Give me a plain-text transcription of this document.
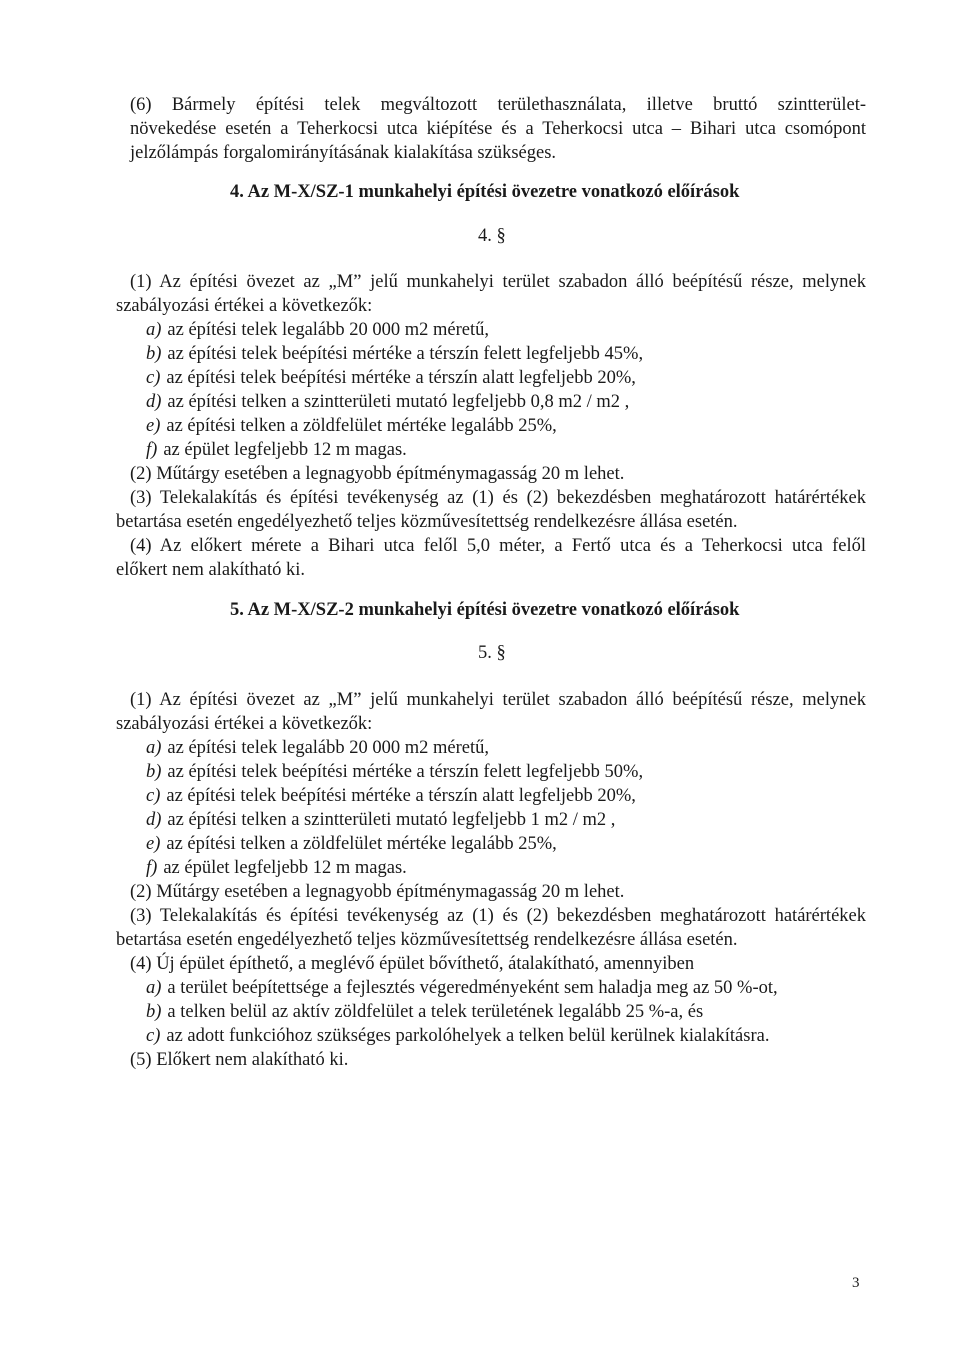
(6) Bármely építési telek megváltozott területhasználata, illetve bruttó szintterület-
növekedése esetén a Teherkocsi utca kiépítése és a Teherkocsi utca – Bihari utca csomópont
jelzőlámpás forgalomirányításának kialakítása szükséges.
4. Az M-X/SZ-1 munkahelyi építési övezetre vonatkozó előírások
4. §
(1) Az építési övezet az „M” jelű munkahelyi terület szabadon álló beépítésű része, melynek
szabályozási értékei a következők:
a) az építési telek legalább 20 000 m2 méretű,
b) az építési telek beépítési mértéke a térszín felett legfeljebb 45%,
c) az építési telek beépítési mértéke a térszín alatt legfeljebb 20%,
d) az építési telken a szintterületi mutató legfeljebb 0,8 m2 / m2 ,
e) az építési telken a zöldfelület mértéke legalább 25%,
f) az épület legfeljebb 12 m magas.
(2) Műtárgy esetében a legnagyobb építménymagasság 20 m lehet.
(3) Telekalakítás és építési tevékenység az (1) és (2) bekezdésben meghatározott határértékek
betartása esetén engedélyezhető teljes közművesítettség rendelkezésre állása esetén.
(4) Az előkert mérete a Bihari utca felől 5,0 méter, a Fertő utca és a Teherkocsi utca felől
előkert nem alakítható ki.
5. Az M-X/SZ-2 munkahelyi építési övezetre vonatkozó előírások
5. §
(1) Az építési övezet az „M” jelű munkahelyi terület szabadon álló beépítésű része, melynek
szabályozási értékei a következők:
a) az építési telek legalább 20 000 m2 méretű,
b) az építési telek beépítési mértéke a térszín felett legfeljebb 50%,
c) az építési telek beépítési mértéke a térszín alatt legfeljebb 20%,
d) az építési telken a szintterületi mutató legfeljebb 1 m2 / m2 ,
e) az építési telken a zöldfelület mértéke legalább 25%,
f) az épület legfeljebb 12 m magas.
(2) Műtárgy esetében a legnagyobb építménymagasság 20 m lehet.
(3) Telekalakítás és építési tevékenység az (1) és (2) bekezdésben meghatározott határértékek
betartása esetén engedélyezhető teljes közművesítettség rendelkezésre állása esetén.
(4) Új épület építhető, a meglévő épület bővíthető, átalakítható, amennyiben
a) a terület beépítettsége a fejlesztés végeredményeként sem haladja meg az 50 %-ot,
b) a telken belül az aktív zöldfelület a telek területének legalább 25 %-a, és
c) az adott funkcióhoz szükséges parkolóhelyek a telken belül kerülnek kialakításra.
(5) Előkert nem alakítható ki.
3
